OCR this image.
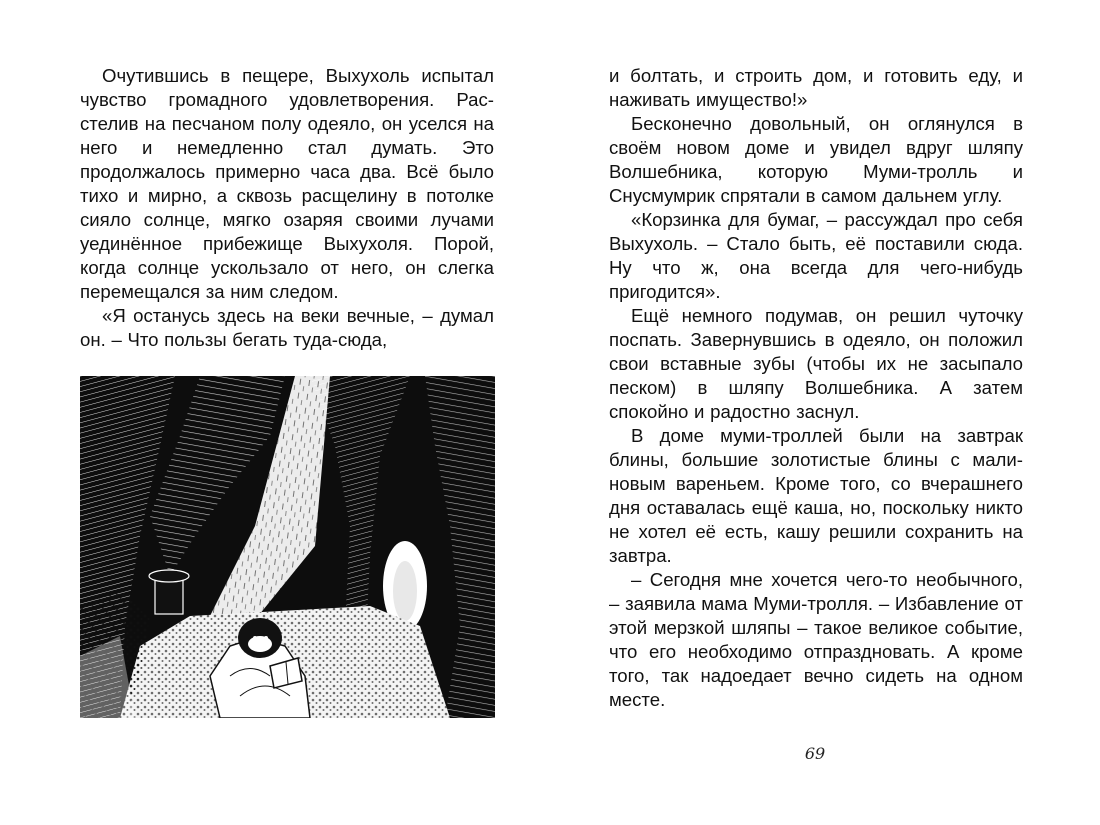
Очутившись в пещере, Выхухоль испытал чувство громадного удовлетворения. Расстелив на песчаном полу одеяло, он уселся на него и немедленно стал думать. Это продолжалось примерно часа два. Всё было тихо и мирно, а сквозь расщелину в потолке сияло солнце, мягко озаряя своими лучами уединённое прибежище Выхухоля. Порой, когда солнце ускользало от него, он слегка перемещался за ним следом.

«Я останусь здесь на веки вечные, – думал он. – Что пользы бегать туда-сюда,

и болтать, и строить дом, и готовить еду, и наживать имущество!»

Бесконечно довольный, он оглянулся в своём новом доме и увидел вдруг шляпу Волшебника, которую Муми-тролль и Снусмумрик спрятали в самом дальнем углу.

«Корзинка для бумаг, – рассуждал про себя Выхухоль. – Стало быть, её поставили сюда. Ну что ж, она всегда для чего-нибудь пригодится».

Ещё немного подумав, он решил чуточку поспать. Завернувшись в одеяло, он положил свои вставные зубы (чтобы их не засыпало песком) в шляпу Волшебника. А затем спокойно и радостно заснул.

В доме муми-троллей были на завтрак блины, большие золотистые блины с малиновым вареньем. Кроме того, со вчерашнего дня оставалась ещё каша, но, поскольку никто не хотел её есть, кашу решили сохранить на завтра.

– Сегодня мне хочется чего-то необычного, – заявила мама Муми-тролля. – Избавление от этой мерзкой шляпы – такое великое событие, что его необходимо отпраздновать. А кроме того, так надоедает вечно сидеть на одном месте.

69
